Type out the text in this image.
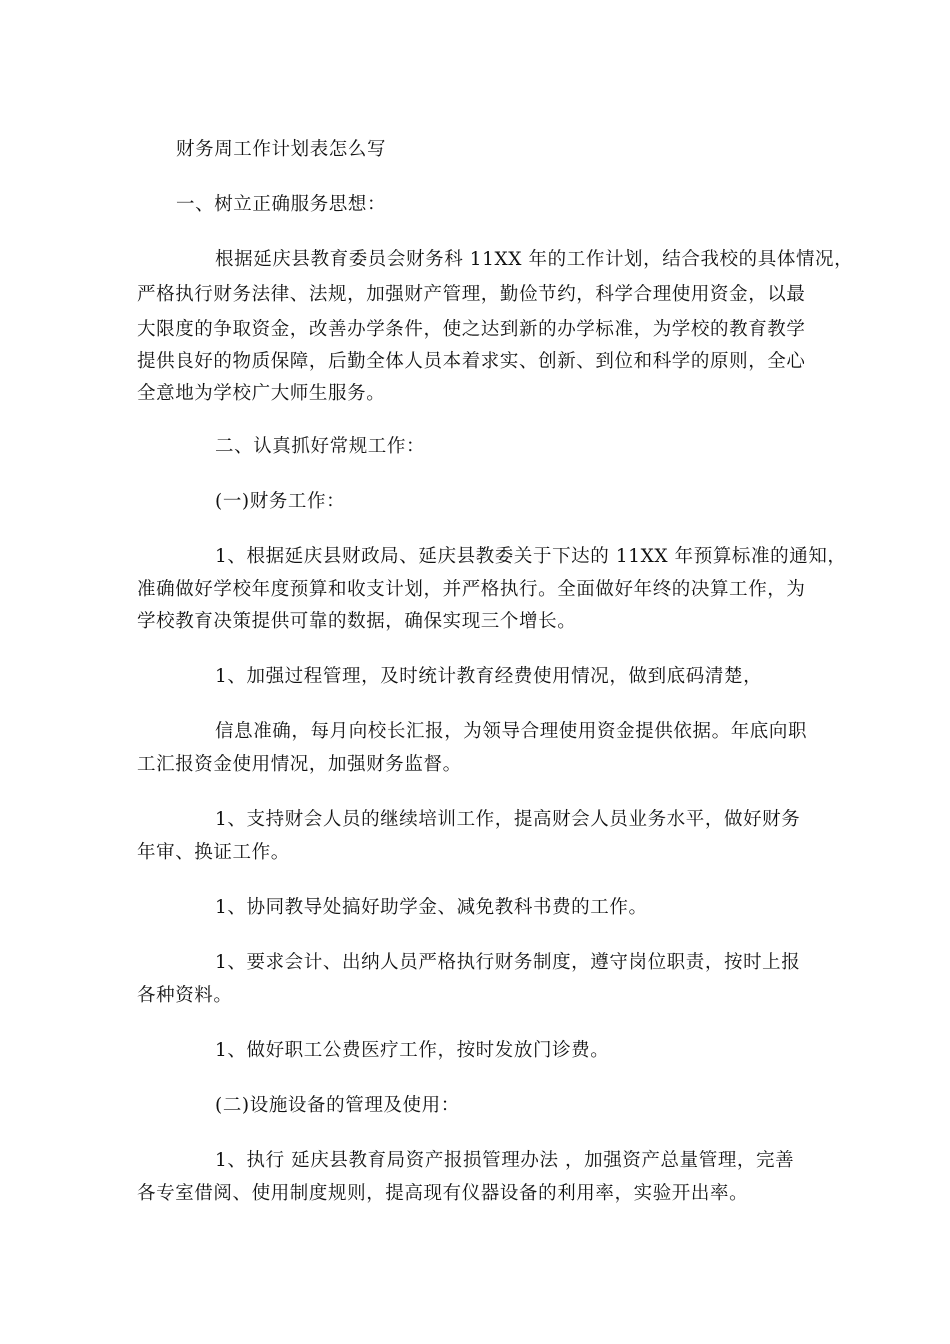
财务周工作计划表怎么写
一、树立正确服务思想：
根据延庆县教育委员会财务科 11XX 年的工作计划，结合我校的具体情况，
严格执行财务法律、法规，加强财产管理，勤俭节约，科学合理使用资金，以最
大限度的争取资金，改善办学条件，使之达到新的办学标准，为学校的教育教学
提供良好的物质保障，后勤全体人员本着求实、创新、到位和科学的原则，全心
全意地为学校广大师生服务。
二、认真抓好常规工作：
(一)财务工作：
1、根据延庆县财政局、延庆县教委关于下达的 11XX 年预算标准的通知，
准确做好学校年度预算和收支计划，并严格执行。全面做好年终的决算工作，为
学校教育决策提供可靠的数据，确保实现三个增长。
1、加强过程管理，及时统计教育经费使用情况，做到底码清楚，
信息准确，每月向校长汇报，为领导合理使用资金提供依据。年底向职
工汇报资金使用情况，加强财务监督。
1、支持财会人员的继续培训工作，提高财会人员业务水平，做好财务
年审、换证工作。
1、协同教导处搞好助学金、减免教科书费的工作。
1、要求会计、出纳人员严格执行财务制度，遵守岗位职责，按时上报
各种资料。
1、做好职工公费医疗工作，按时发放门诊费。
(二)设施设备的管理及使用：
1、执行 延庆县教育局资产报损管理办法 ，加强资产总量管理，完善
各专室借阅、使用制度规则，提高现有仪器设备的利用率，实验开出率。
